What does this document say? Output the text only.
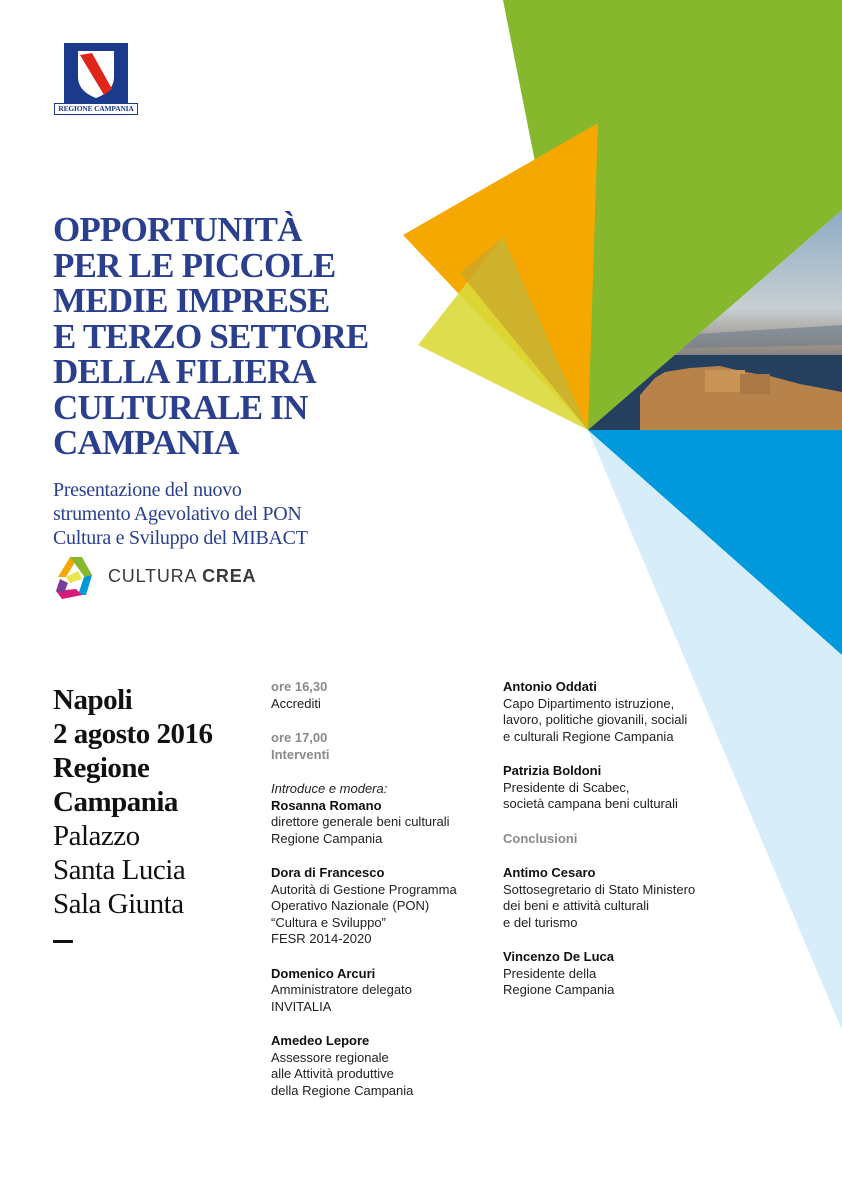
REGIONE CAMPANIA
OPPORTUNITÀ
PER LE PICCOLE
MEDIE IMPRESE
E TERZO SETTORE
DELLA FILIERA
CULTURALE IN
CAMPANIA

Presentazione del nuovo
strumento Agevolativo del PON
Cultura e Sviluppo del MIBACT

CULTURA CREA
Napoli
2 agosto 2016
Regione
Campania
Palazzo
Santa Lucia
Sala Giunta
ore 16,30
Accrediti
ore 17,00
Interventi
Introduce e modera:
Rosanna Romano
direttore generale beni culturali
Regione Campania
Dora di Francesco
Autorità di Gestione Programma
Operativo Nazionale (PON)
“Cultura e Sviluppo”
FESR 2014-2020
Domenico Arcuri
Amministratore delegato
INVITALIA
Amedeo Lepore
Assessore regionale
alle Attività produttive
della Regione Campania
Antonio Oddati
Capo Dipartimento istruzione,
lavoro, politiche giovanili, sociali
e culturali Regione Campania
Patrizia Boldoni
Presidente di Scabec,
società campana beni culturali
Conclusioni
Antimo Cesaro
Sottosegretario di Stato Ministero
dei beni e attività culturali
e del turismo
Vincenzo De Luca
Presidente della
Regione Campania
